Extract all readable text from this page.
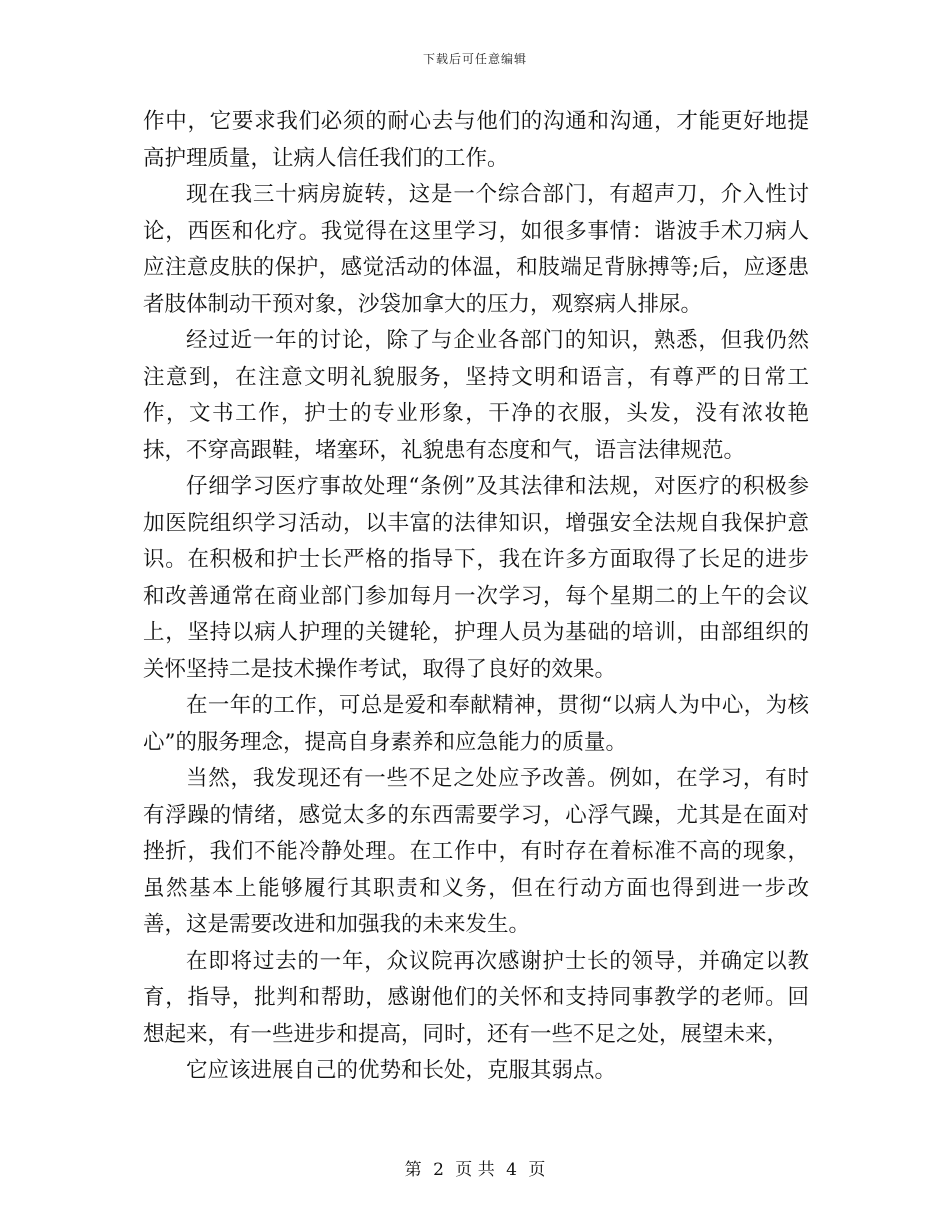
下载后可任意编辑

作中，它要求我们必须的耐心去与他们的沟通和沟通，才能更好地提高护理质量，让病人信任我们的工作。

现在我三十病房旋转，这是一个综合部门，有超声刀，介入性讨论，西医和化疗。我觉得在这里学习，如很多事情：谐波手术刀病人应注意皮肤的保护，感觉活动的体温，和肢端足背脉搏等;后，应逐患者肢体制动干预对象，沙袋加拿大的压力，观察病人排尿。

经过近一年的讨论，除了与企业各部门的知识，熟悉，但我仍然注意到，在注意文明礼貌服务，坚持文明和语言，有尊严的日常工作，文书工作，护士的专业形象，干净的衣服，头发，没有浓妆艳抹，不穿高跟鞋，堵塞环，礼貌患有态度和气，语言法律规范。

仔细学习医疗事故处理“条例”及其法律和法规，对医疗的积极参加医院组织学习活动，以丰富的法律知识，增强安全法规自我保护意识。在积极和护士长严格的指导下，我在许多方面取得了长足的进步和改善通常在商业部门参加每月一次学习，每个星期二的上午的会议上，坚持以病人护理的关键轮，护理人员为基础的培训，由部组织的关怀坚持二是技术操作考试，取得了良好的效果。

在一年的工作，可总是爱和奉献精神，贯彻“以病人为中心，为核心”的服务理念，提高自身素养和应急能力的质量。

当然，我发现还有一些不足之处应予改善。例如，在学习，有时有浮躁的情绪，感觉太多的东西需要学习，心浮气躁，尤其是在面对挫折，我们不能冷静处理。在工作中，有时存在着标准不高的现象，虽然基本上能够履行其职责和义务，但在行动方面也得到进一步改善，这是需要改进和加强我的未来发生。

在即将过去的一年，众议院再次感谢护士长的领导，并确定以教育，指导，批判和帮助，感谢他们的关怀和支持同事教学的老师。回想起来，有一些进步和提高，同时，还有一些不足之处，展望未来，

它应该进展自己的优势和长处，克服其弱点。

第 2 页 共 4 页
